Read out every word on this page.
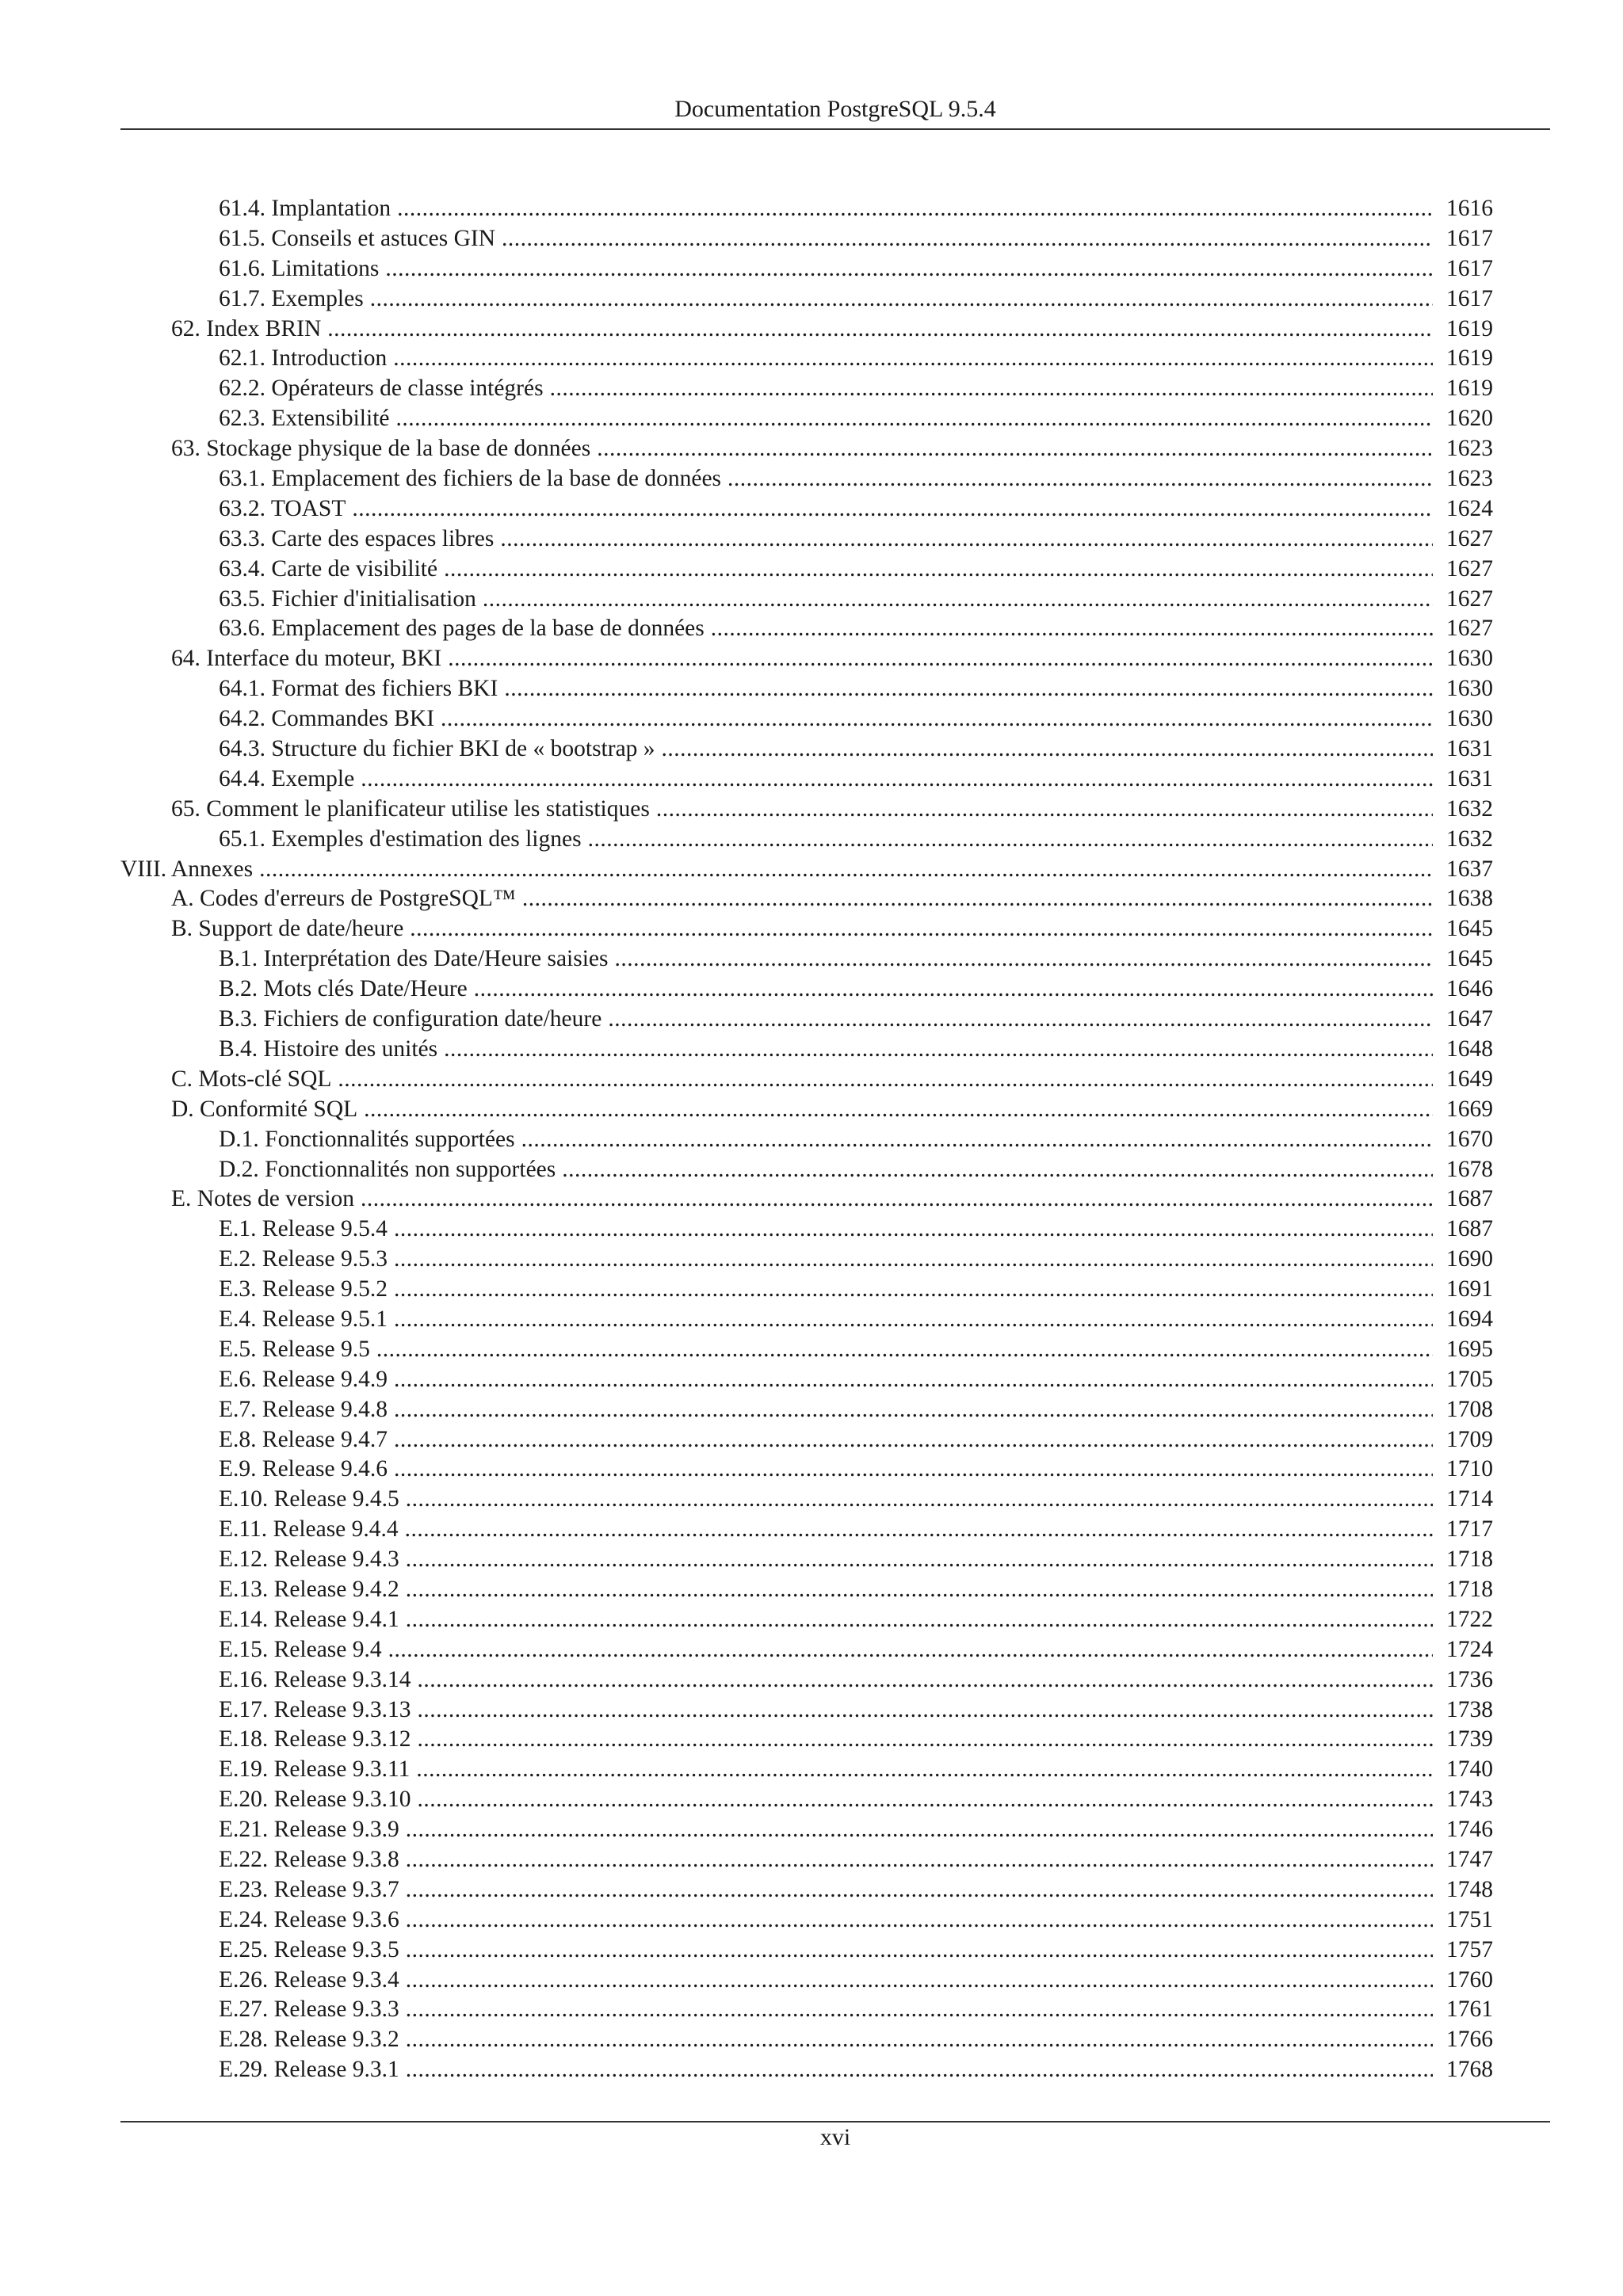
Documentation PostgreSQL 9.5.4
61.4. Implantation .....	1616
61.5. Conseils et astuces GIN .....	1617
61.6. Limitations .....	1617
61.7. Exemples .....	1617
62. Index BRIN .....	1619
62.1. Introduction .....	1619
62.2. Opérateurs de classe intégrés .....	1619
62.3. Extensibilité .....	1620
63. Stockage physique de la base de données .....	1623
63.1. Emplacement des fichiers de la base de données .....	1623
63.2. TOAST .....	1624
63.3. Carte des espaces libres .....	1627
63.4. Carte de visibilité .....	1627
63.5. Fichier d'initialisation .....	1627
63.6. Emplacement des pages de la base de données .....	1627
64. Interface du moteur, BKI .....	1630
64.1. Format des fichiers BKI .....	1630
64.2. Commandes BKI .....	1630
64.3. Structure du fichier BKI de « bootstrap » .....	1631
64.4. Exemple .....	1631
65. Comment le planificateur utilise les statistiques .....	1632
65.1. Exemples d'estimation des lignes .....	1632
VIII. Annexes .....	1637
A. Codes d'erreurs de PostgreSQL™ .....	1638
B. Support de date/heure .....	1645
B.1. Interprétation des Date/Heure saisies .....	1645
B.2. Mots clés Date/Heure .....	1646
B.3. Fichiers de configuration date/heure .....	1647
B.4. Histoire des unités .....	1648
C. Mots-clé SQL .....	1649
D. Conformité SQL .....	1669
D.1. Fonctionnalités supportées .....	1670
D.2. Fonctionnalités non supportées .....	1678
E. Notes de version .....	1687
E.1. Release 9.5.4 .....	1687
E.2. Release 9.5.3 .....	1690
E.3. Release 9.5.2 .....	1691
E.4. Release 9.5.1 .....	1694
E.5. Release 9.5 .....	1695
E.6. Release 9.4.9 .....	1705
E.7. Release 9.4.8 .....	1708
E.8. Release 9.4.7 .....	1709
E.9. Release 9.4.6 .....	1710
E.10. Release 9.4.5 .....	1714
E.11. Release 9.4.4 .....	1717
E.12. Release 9.4.3 .....	1718
E.13. Release 9.4.2 .....	1718
E.14. Release 9.4.1 .....	1722
E.15. Release 9.4 .....	1724
E.16. Release 9.3.14 .....	1736
E.17. Release 9.3.13 .....	1738
E.18. Release 9.3.12 .....	1739
E.19. Release 9.3.11 .....	1740
E.20. Release 9.3.10 .....	1743
E.21. Release 9.3.9 .....	1746
E.22. Release 9.3.8 .....	1747
E.23. Release 9.3.7 .....	1748
E.24. Release 9.3.6 .....	1751
E.25. Release 9.3.5 .....	1757
E.26. Release 9.3.4 .....	1760
E.27. Release 9.3.3 .....	1761
E.28. Release 9.3.2 .....	1766
E.29. Release 9.3.1 .....	1768
xvi
